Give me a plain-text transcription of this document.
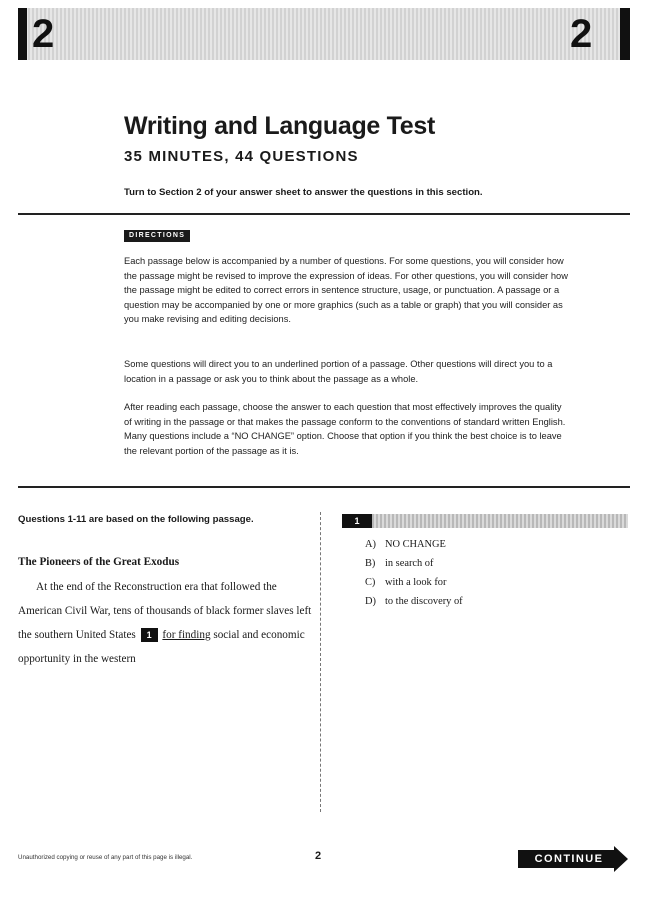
2	2
Writing and Language Test
35 MINUTES, 44 QUESTIONS
Turn to Section 2 of your answer sheet to answer the questions in this section.
DIRECTIONS

Each passage below is accompanied by a number of questions. For some questions, you will consider how the passage might be revised to improve the expression of ideas. For other questions, you will consider how the passage might be edited to correct errors in sentence structure, usage, or punctuation. A passage or a question may be accompanied by one or more graphics (such as a table or graph) that you will consider as you make revising and editing decisions.

Some questions will direct you to an underlined portion of a passage. Other questions will direct you to a location in a passage or ask you to think about the passage as a whole.

After reading each passage, choose the answer to each question that most effectively improves the quality of writing in the passage or that makes the passage conform to the conventions of standard written English. Many questions include a “NO CHANGE” option. Choose that option if you think the best choice is to leave the relevant portion of the passage as it is.

Questions 1-11 are based on the following passage.
The Pioneers of the Great Exodus

At the end of the Reconstruction era that followed the American Civil War, tens of thousands of black former slaves left the southern United States 1 for finding social and economic opportunity in the western

1
A) NO CHANGE
B) in search of
C) with a look for
D) to the discovery of
Unauthorized copying or reuse of any part of this page is illegal.	2	CONTINUE
